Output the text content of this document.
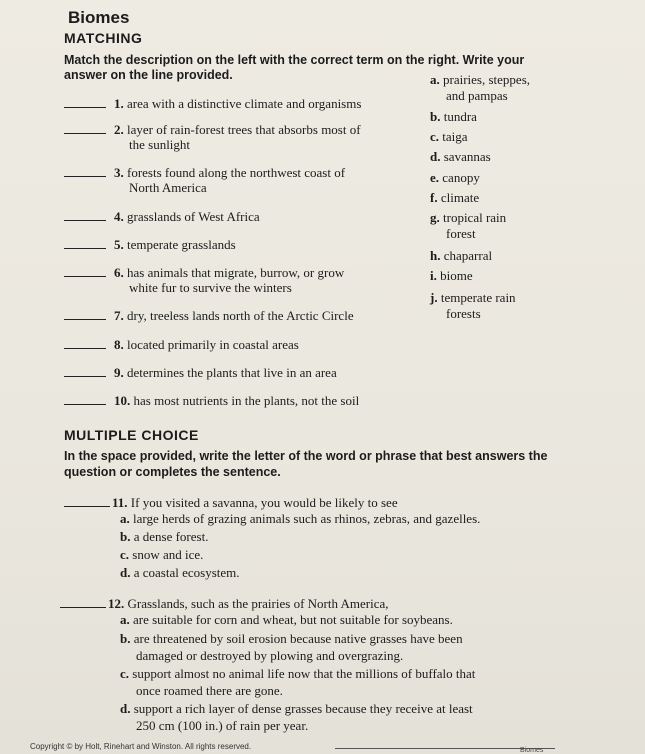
Biomes
MATCHING
Match the description on the left with the correct term on the right. Write your
answer on the line provided.
1. area with a distinctive climate and organisms
2. layer of rain-forest trees that absorbs most of
the sunlight
3. forests found along the northwest coast of
North America
4. grasslands of West Africa
5. temperate grasslands
6. has animals that migrate, burrow, or grow
white fur to survive the winters
7. dry, treeless lands north of the Arctic Circle
8. located primarily in coastal areas
9. determines the plants that live in an area
10. has most nutrients in the plants, not the soil
a. prairies, steppes,
and pampas
b. tundra
c. taiga
d. savannas
e. canopy
f. climate
g. tropical rain
forest
h. chaparral
i. biome
j. temperate rain
forests
MULTIPLE CHOICE
In the space provided, write the letter of the word or phrase that best answers the
question or completes the sentence.
11. If you visited a savanna, you would be likely to see
a. large herds of grazing animals such as rhinos, zebras, and gazelles.
b. a dense forest.
c. snow and ice.
d. a coastal ecosystem.
12. Grasslands, such as the prairies of North America,
a. are suitable for corn and wheat, but not suitable for soybeans.
b. are threatened by soil erosion because native grasses have been
damaged or destroyed by plowing and overgrazing.
c. support almost no animal life now that the millions of buffalo that
once roamed there are gone.
d. support a rich layer of dense grasses because they receive at least
250 cm (100 in.) of rain per year.
Copyright © by Holt, Rinehart and Winston. All rights reserved.	Biomes
